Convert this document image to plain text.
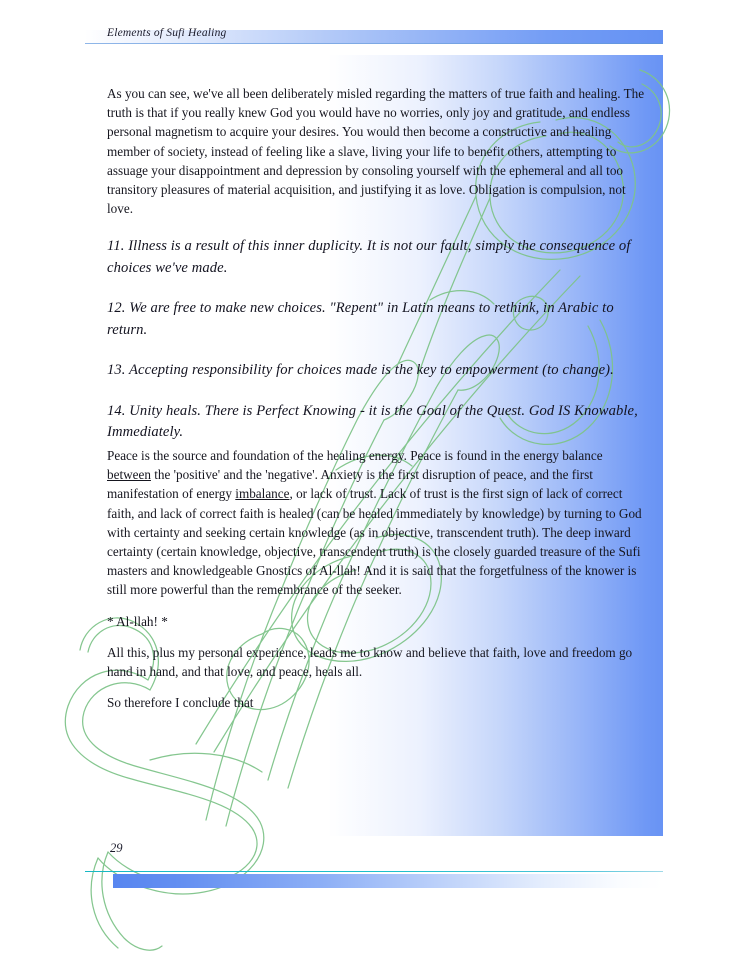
Elements of Sufi Healing

As you can see, we've all been deliberately misled regarding the matters of true faith and healing. The truth is that if you really knew God you would have no worries, only joy and gratitude, and endless personal magnetism to acquire your desires. You would then become a constructive and healing member of society, instead of feeling like a slave, living your life to benefit others, attempting to assuage your disappointment and depression by consoling yourself with the ephemeral and all too transitory pleasures of material acquisition, and justifying it as love. Obligation is compulsion, not love.

11. Illness is a result of this inner duplicity. It is not our fault, simply the consequence of choices we've made.

12. We are free to make new choices. "Repent" in Latin means to rethink, in Arabic to return.

13. Accepting responsibility for choices made is the key to empowerment (to change).

14. Unity heals. There is Perfect Knowing - it is the Goal of the Quest. God IS Knowable, Immediately.

Peace is the source and foundation of the healing energy. Peace is found in the energy balance between the 'positive' and the 'negative'. Anxiety is the first disruption of peace, and the first manifestation of energy imbalance, or lack of trust. Lack of trust is the first sign of lack of correct faith, and lack of correct faith is healed (can be healed immediately by knowledge) by turning to God with certainty and seeking certain knowledge (as in objective, transcendent truth). The deep inward certainty (certain knowledge, objective, transcendent truth) is the closely guarded treasure of the Sufi masters and knowledgeable Gnostics of Al-llah! And it is said that the forgetfulness of the knower is still more powerful than the remembrance of the seeker.

* Al-llah! *

All this, plus my personal experience, leads me to know and believe that faith, love and freedom go hand in hand, and that love, and peace, heals all.

So therefore I conclude that

29
